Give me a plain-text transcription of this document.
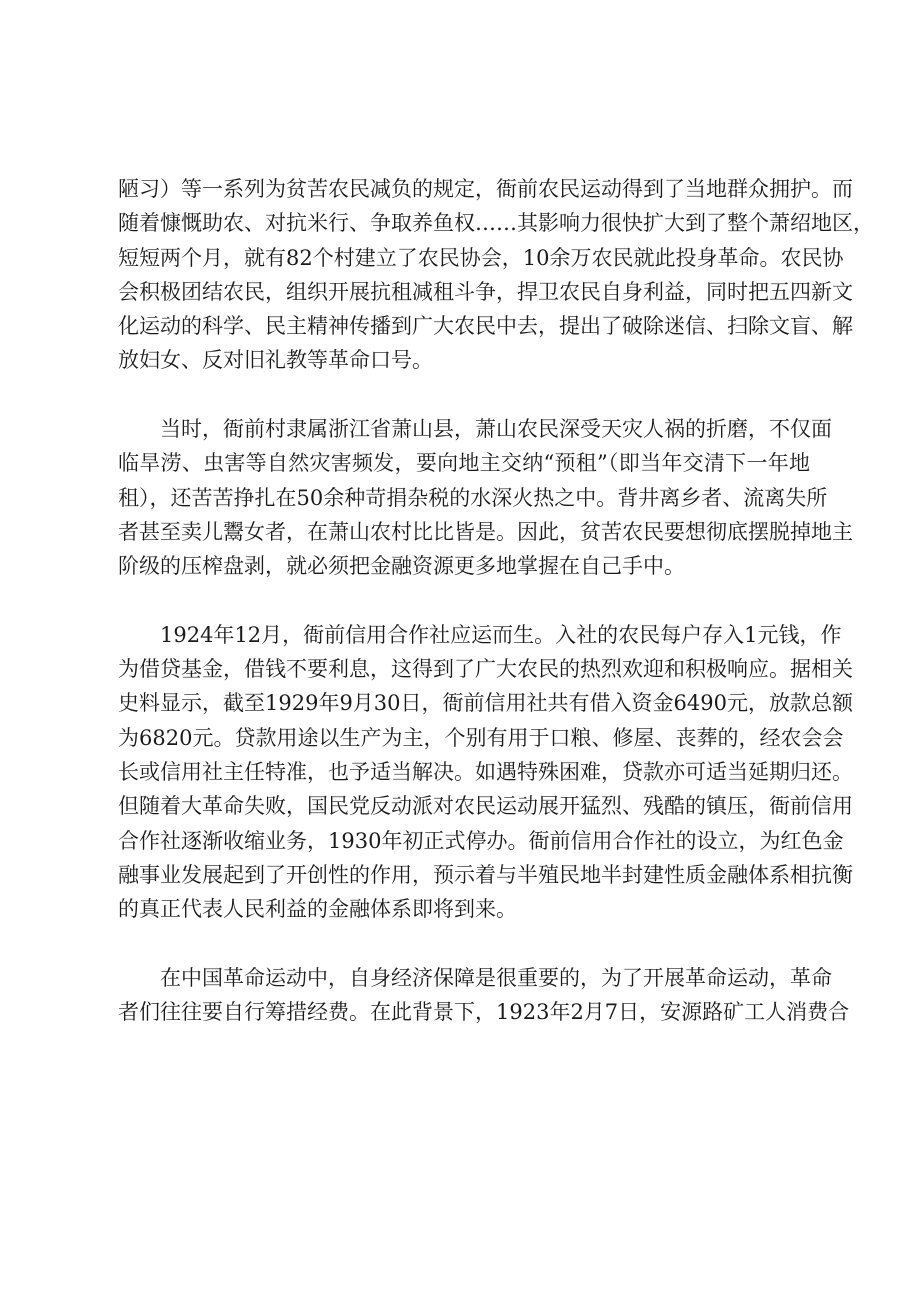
陋习）等一系列为贫苦农民减负的规定，衙前农民运动得到了当地群众拥护。而
随着慷慨助农、对抗米行、争取养鱼权……其影响力很快扩大到了整个萧绍地区，
短短两个月，就有82个村建立了农民协会，10余万农民就此投身革命。农民协
会积极团结农民，组织开展抗租减租斗争，捍卫农民自身利益，同时把五四新文
化运动的科学、民主精神传播到广大农民中去，提出了破除迷信、扫除文盲、解
放妇女、反对旧礼教等革命口号。
当时，衙前村隶属浙江省萧山县，萧山农民深受天灾人祸的折磨，不仅面
临旱涝、虫害等自然灾害频发，要向地主交纳“预租”（即当年交清下一年地
租），还苦苦挣扎在50余种苛捐杂税的水深火热之中。背井离乡者、流离失所
者甚至卖儿鬻女者，在萧山农村比比皆是。因此，贫苦农民要想彻底摆脱掉地主
阶级的压榨盘剥，就必须把金融资源更多地掌握在自己手中。
1924年12月，衙前信用合作社应运而生。入社的农民每户存入1元钱，作
为借贷基金，借钱不要利息，这得到了广大农民的热烈欢迎和积极响应。据相关
史料显示，截至1929年9月30日，衙前信用社共有借入资金6490元，放款总额
为6820元。贷款用途以生产为主，个别有用于口粮、修屋、丧葬的，经农会会
长或信用社主任特准，也予适当解决。如遇特殊困难，贷款亦可适当延期归还。
但随着大革命失败，国民党反动派对农民运动展开猛烈、残酷的镇压，衙前信用
合作社逐渐收缩业务，1930年初正式停办。衙前信用合作社的设立，为红色金
融事业发展起到了开创性的作用，预示着与半殖民地半封建性质金融体系相抗衡
的真正代表人民利益的金融体系即将到来。
在中国革命运动中，自身经济保障是很重要的，为了开展革命运动，革命
者们往往要自行筹措经费。在此背景下，1923年2月7日，安源路矿工人消费合
